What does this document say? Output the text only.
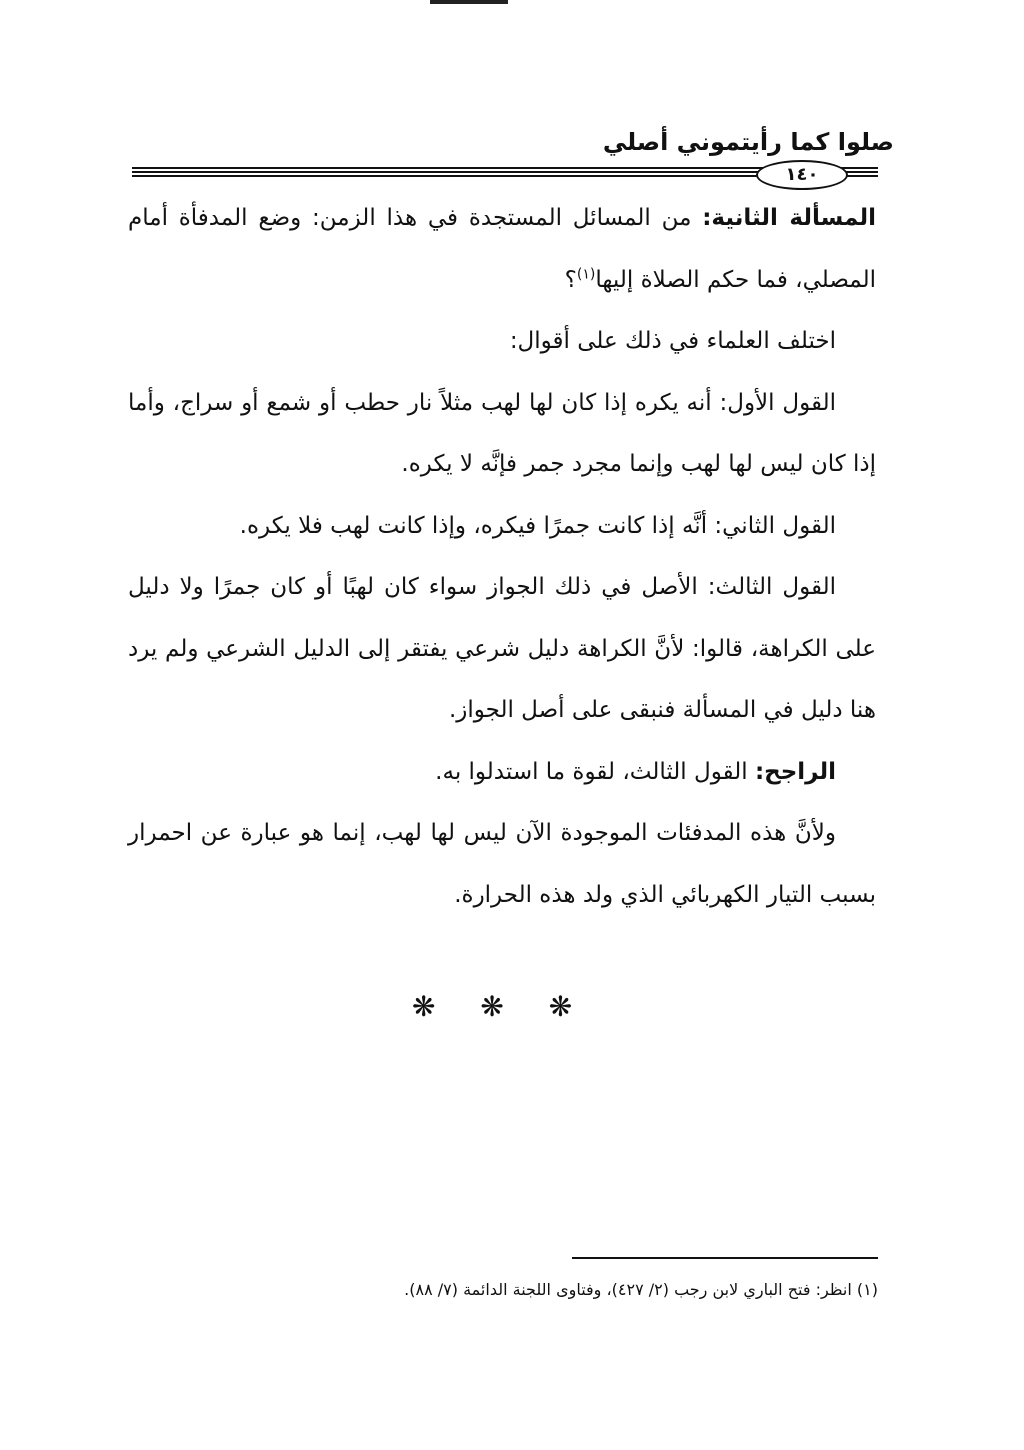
صلوا كما رأيتموني أصلي
١٤٠

المسألة الثانية: من المسائل المستجدة في هذا الزمن: وضع المدفأة أمام المصلي، فما حكم الصلاة إليها$^{(١)}$؟

اختلف العلماء في ذلك على أقوال:

القول الأول: أنه يكره إذا كان لها لهب مثلاً نار حطب أو شمع أو سراج، وأما إذا كان ليس لها لهب وإنما مجرد جمر فإنَّه لا يكره.

القول الثاني: أنَّه إذا كانت جمرًا فيكره، وإذا كانت لهب فلا يكره.

القول الثالث: الأصل في ذلك الجواز سواء كان لهبًا أو كان جمرًا ولا دليل على الكراهة، قالوا: لأنَّ الكراهة دليل شرعي يفتقر إلى الدليل الشرعي ولم يرد هنا دليل في المسألة فنبقى على أصل الجواز.

الراجح: القول الثالث، لقوة ما استدلوا به.

ولأنَّ هذه المدفئات الموجودة الآن ليس لها لهب، إنما هو عبارة عن احمرار بسبب التيار الكهربائي الذي ولد هذه الحرارة.

❋ ❋ ❋
(١) انظر: فتح الباري لابن رجب (٢/ ٤٢٧)، وفتاوى اللجنة الدائمة (٧/ ٨٨).
